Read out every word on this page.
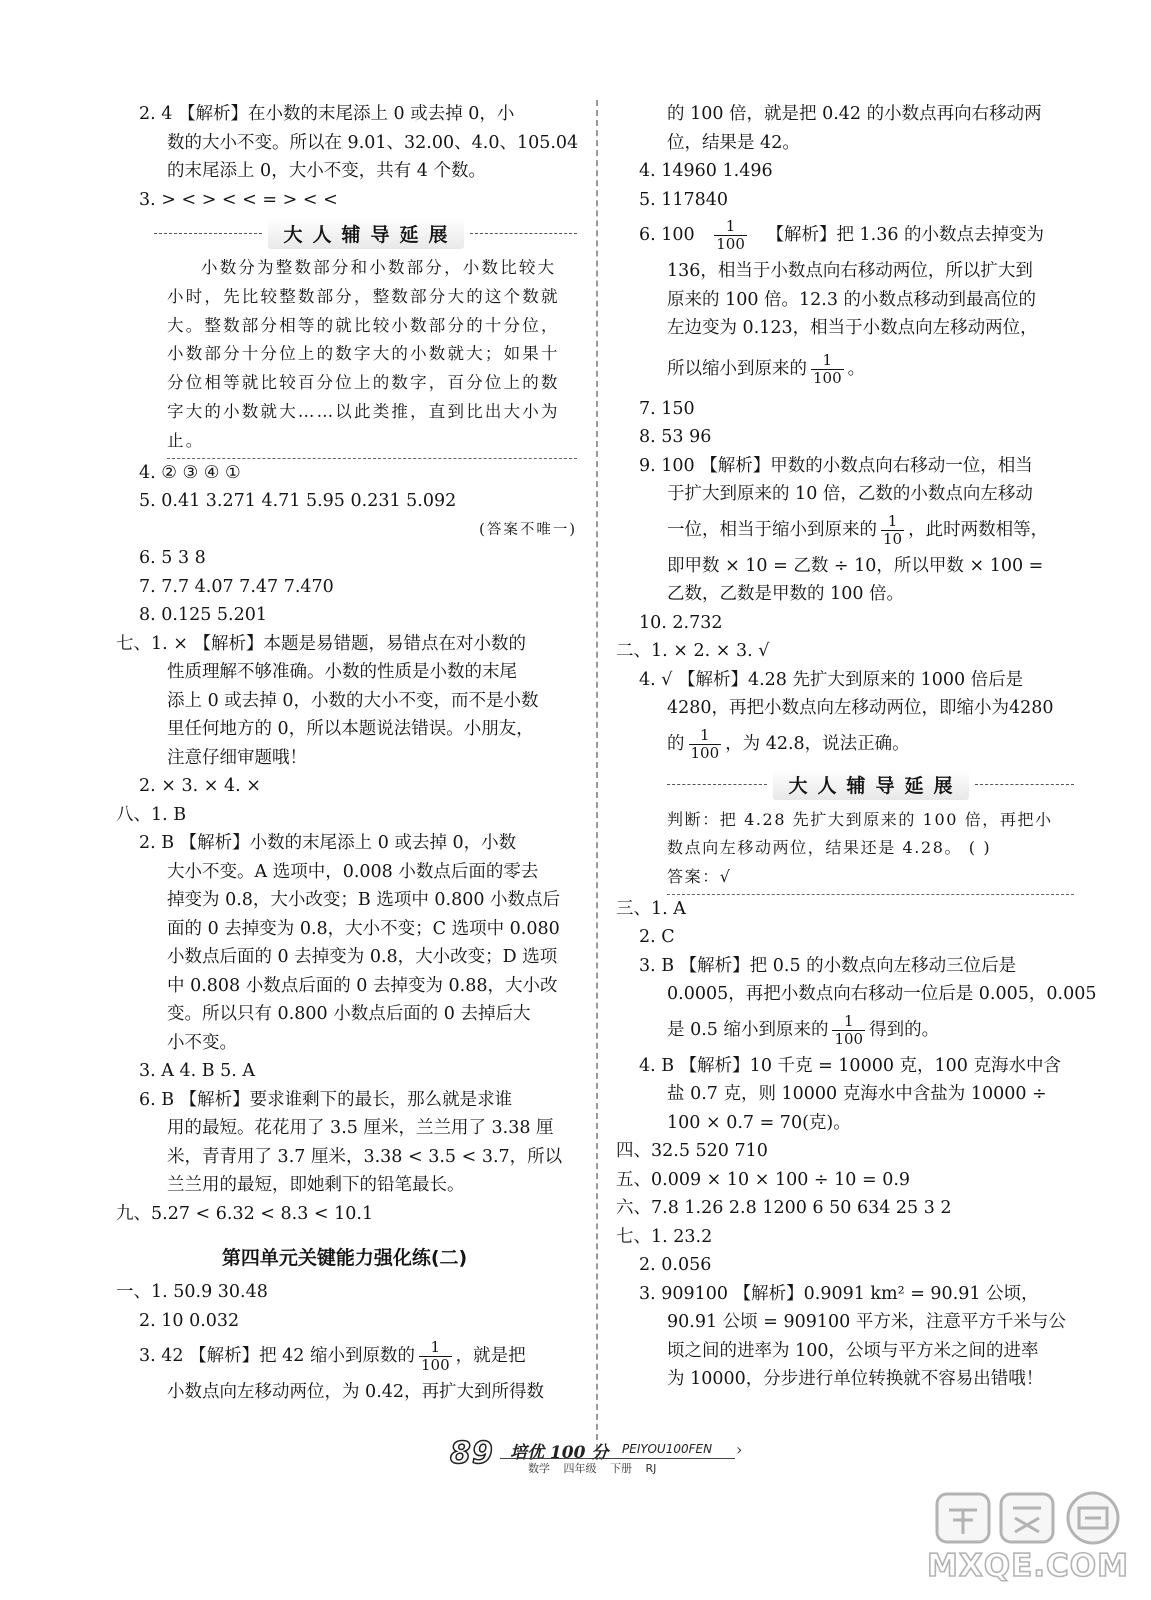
2. 4 【解析】在小数的末尾添上 0 或去掉 0，小
数的大小不变。所以在 9.01、32.00、4.0、105.04
的末尾添上 0，大小不变，共有 4 个数。
3. > < > < < = > < <
大人辅导延展
小数分为整数部分和小数部分，小数比较大
小时，先比较整数部分，整数部分大的这个数就
大。整数部分相等的就比较小数部分的十分位，
小数部分十分位上的数字大的小数就大；如果十
分位相等就比较百分位上的数字，百分位上的数
字大的小数就大……以此类推，直到比出大小为
止。
4. ② ③ ④ ①
5. 0.41 3.271 4.71 5.95 0.231 5.092
(答案不唯一)
6. 5 3 8
7. 7.7 4.07 7.47 7.470
8. 0.125 5.201
七、1. × 【解析】本题是易错题，易错点在对小数的
性质理解不够准确。小数的性质是小数的末尾
添上 0 或去掉 0，小数的大小不变，而不是小数
里任何地方的 0，所以本题说法错误。小朋友，
注意仔细审题哦！
2. × 3. × 4. ×
八、1. B
2. B 【解析】小数的末尾添上 0 或去掉 0，小数
大小不变。A 选项中，0.008 小数点后面的零去
掉变为 0.8，大小改变；B 选项中 0.800 小数点后
面的 0 去掉变为 0.8，大小不变；C 选项中 0.080
小数点后面的 0 去掉变为 0.8，大小改变；D 选项
中 0.808 小数点后面的 0 去掉变为 0.88，大小改
变。所以只有 0.800 小数点后面的 0 去掉后大
小不变。
3. A 4. B 5. A
6. B 【解析】要求谁剩下的最长，那么就是求谁
用的最短。花花用了 3.5 厘米，兰兰用了 3.38 厘
米，青青用了 3.7 厘米，3.38 < 3.5 < 3.7，所以
兰兰用的最短，即她剩下的铅笔最长。
九、5.27 < 6.32 < 8.3 < 10.1
第四单元关键能力强化练(二)
一、1. 50.9 30.48
2. 10 0.032
3. 42 【解析】把 42 缩小到原数的 $\frac{1}{100}$ ，就是把
小数点向左移动两位，为 0.42，再扩大到所得数
的 100 倍，就是把 0.42 的小数点再向右移动两
位，结果是 42。
4. 14960 1.496
5. 117840
6. $100 \frac{1}{100}$ 【解析】把 1.36 的小数点去掉变为
136，相当于小数点向右移动两位，所以扩大到
原来的 100 倍。12.3 的小数点移动到最高位的
左边变为 0.123，相当于小数点向左移动两位，
所以缩小到原来的 $\frac{1}{100}$ 。
7. 150
8. 53 96
9. 100 【解析】甲数的小数点向右移动一位，相当
于扩大到原来的 10 倍，乙数的小数点向左移动
一位，相当于缩小到原来的 $\frac{1}{10}$ ，此时两数相等，
即甲数 × 10 = 乙数 ÷ 10，所以甲数 × 100 =
乙数，乙数是甲数的 100 倍。
10. 2.732
二、1. × 2. × 3. √
4. √ 【解析】4.28 先扩大到原来的 1000 倍后是
4280，再把小数点向左移动两位，即缩小为4280
的 $\frac{1}{100}$ ，为 42.8，说法正确。
大人辅导延展
判断：把 4.28 先扩大到原来的 100 倍，再把小
数点向左移动两位，结果还是 4.28。 ( )
答案：√
三、1. A
2. C
3. B 【解析】把 0.5 的小数点向左移动三位后是
0.0005，再把小数点向右移动一位后是 0.005，0.005
是 0.5 缩小到原来的 $\frac{1}{100}$ 得到的。
4. B 【解析】10 千克 = 10000 克，100 克海水中含
盐 0.7 克，则 10000 克海水中含盐为 10000 ÷
100 × 0.7 = 70(克)。
四、32.5 520 710
五、0.009 × 10 × 100 ÷ 10 = 0.9
六、7.8 1.26 2.8 1200 6 50 634 25 3 2
七、1. 23.2
2. 0.056
3. 909100 【解析】0.9091 km² = 90.91 公顷，
90.91 公顷 = 909100 平方米，注意平方千米与公
顷之间的进率为 100，公顷与平方米之间的进率
为 10000，分步进行单位转换就不容易出错哦！
89 培优 100 分 PEIYOU100FEN ›
数学 四年级 下册 RJ
MXQE.COM
